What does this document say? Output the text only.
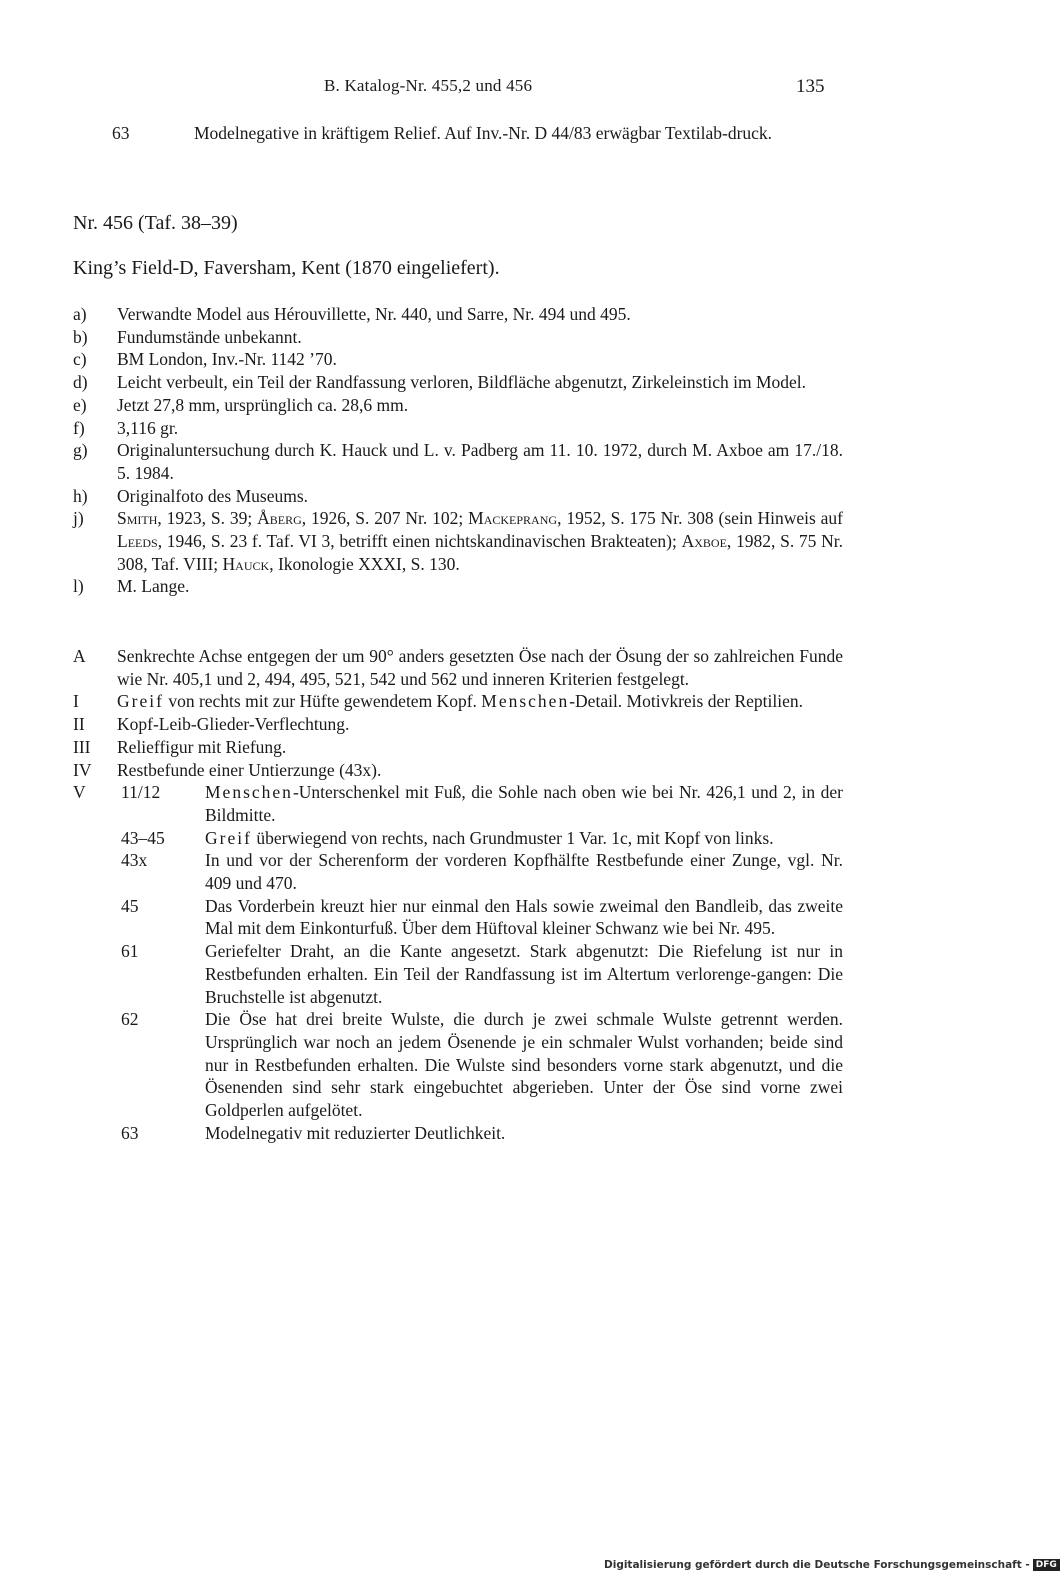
B. Katalog-Nr. 455,2 und 456	135
63	Modelnegative in kräftigem Relief. Auf Inv.-Nr. D 44/83 erwägbar Textilab-druck.
Nr. 456 (Taf. 38–39)
King’s Field-D, Faversham, Kent (1870 eingeliefert).
a)	Verwandte Model aus Hérouvillette, Nr. 440, und Sarre, Nr. 494 und 495.
b)	Fundumstände unbekannt.
c)	BM London, Inv.-Nr. 1142 ’70.
d)	Leicht verbeult, ein Teil der Randfassung verloren, Bildfläche abgenutzt, Zirkeleinstich im Model.
e)	Jetzt 27,8 mm, ursprünglich ca. 28,6 mm.
f)	3,116 gr.
g)	Originaluntersuchung durch K. Hauck und L. v. Padberg am 11. 10. 1972, durch M. Axboe am 17./18. 5. 1984.
h)	Originalfoto des Museums.
j)	Smith, 1923, S. 39; Åberg, 1926, S. 207 Nr. 102; Mackeprang, 1952, S. 175 Nr. 308 (sein Hinweis auf Leeds, 1946, S. 23 f. Taf. VI 3, betrifft einen nichtskandinavischen Brakteaten); Axboe, 1982, S. 75 Nr. 308, Taf. VIII; Hauck, Ikonologie XXXI, S. 130.
l)	M. Lange.
A	Senkrechte Achse entgegen der um 90° anders gesetzten Öse nach der Ösung der so zahlreichen Funde wie Nr. 405,1 und 2, 494, 495, 521, 542 und 562 und inneren Kriterien festgelegt.
I	Greif von rechts mit zur Hüfte gewendetem Kopf. Menschen-Detail. Motivkreis der Reptilien.
II	Kopf-Leib-Glieder-Verflechtung.
III	Relieffigur mit Riefung.
IV	Restbefunde einer Untierzunge (43x).
V	11/12	Menschen-Unterschenkel mit Fuß, die Sohle nach oben wie bei Nr. 426,1 und 2, in der Bildmitte.
43–45	Greif überwiegend von rechts, nach Grundmuster 1 Var. 1c, mit Kopf von links.
43x	In und vor der Scherenform der vorderen Kopfhälfte Restbefunde einer Zunge, vgl. Nr. 409 und 470.
45	Das Vorderbein kreuzt hier nur einmal den Hals sowie zweimal den Bandleib, das zweite Mal mit dem Einkonturfuß. Über dem Hüftoval kleiner Schwanz wie bei Nr. 495.
61	Geriefelter Draht, an die Kante angesetzt. Stark abgenutzt: Die Riefelung ist nur in Restbefunden erhalten. Ein Teil der Randfassung ist im Altertum verlorenge-gangen: Die Bruchstelle ist abgenutzt.
62	Die Öse hat drei breite Wulste, die durch je zwei schmale Wulste getrennt werden. Ursprünglich war noch an jedem Ösenende je ein schmaler Wulst vorhanden; beide sind nur in Restbefunden erhalten. Die Wulste sind besonders vorne stark abgenutzt, und die Ösenenden sind sehr stark eingebuchtet abgerieben. Unter der Öse sind vorne zwei Goldperlen aufgelötet.
63	Modelnegativ mit reduzierter Deutlichkeit.
Digitalisierung gefördert durch die Deutsche Forschungsgemeinschaft - DFG
